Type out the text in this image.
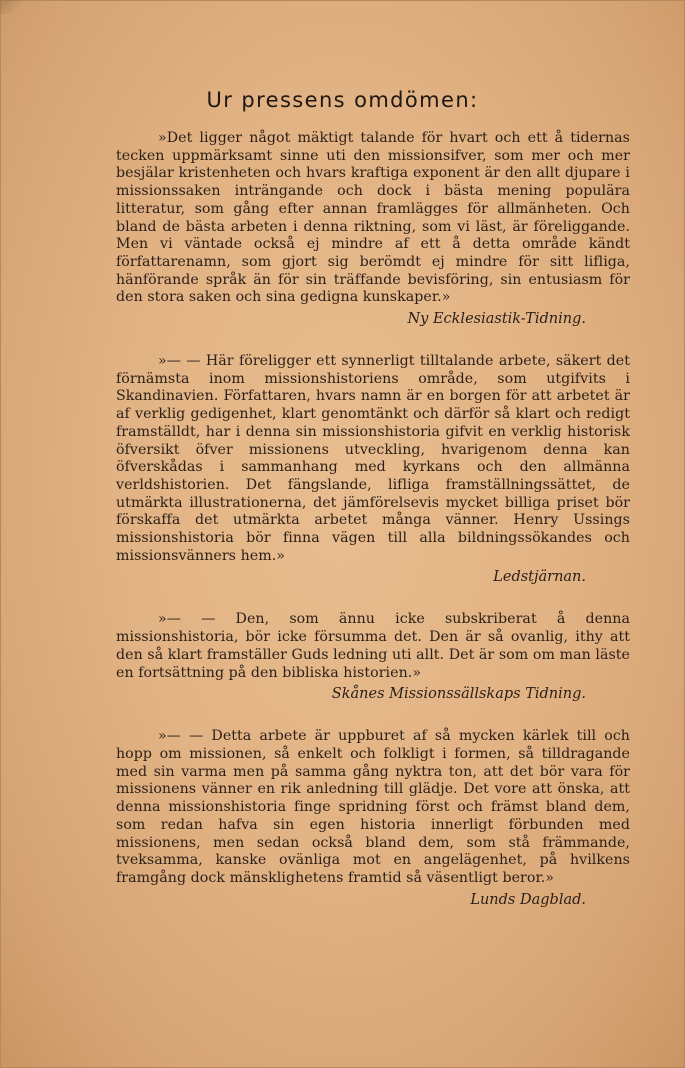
Ur pressens omdömen:

»Det ligger något mäktigt talande för hvart och ett å tidernas tecken uppmärksamt sinne uti den missionsifver, som mer och mer besjälar kristenheten och hvars kraftiga exponent är den allt djupare i missionssaken inträngande och dock i bästa mening populära litteratur, som gång efter annan framlägges för allmänheten. Och bland de bästa arbeten i denna riktning, som vi läst, är föreliggande. Men vi väntade också ej mindre af ett å detta område kändt författarenamn, som gjort sig berömdt ej mindre för sitt lifliga, hänförande språk än för sin träffande bevisföring, sin entusiasm för den stora saken och sina gedigna kunskaper.»

Ny Ecklesiastik-Tidning.

»— — Här föreligger ett synnerligt tilltalande arbete, säkert det förnämsta inom missionshistoriens område, som utgifvits i Skandinavien. Författaren, hvars namn är en borgen för att arbetet är af verklig gedigenhet, klart genomtänkt och därför så klart och redigt framställdt, har i denna sin missionshistoria gifvit en verklig historisk öfversikt öfver missionens utveckling, hvarigenom denna kan öfverskådas i sammanhang med kyrkans och den allmänna verldshistorien. Det fängslande, lifliga framställningssättet, de utmärkta illustrationerna, det jämförelsevis mycket billiga priset bör förskaffa det utmärkta arbetet många vänner. Henry Ussings missionshistoria bör finna vägen till alla bildningssökandes och missionsvänners hem.»

Ledstjärnan.

»— — Den, som ännu icke subskriberat å denna missionshistoria, bör icke försumma det. Den är så ovanlig, ithy att den så klart framställer Guds ledning uti allt. Det är som om man läste en fortsättning på den bibliska historien.»

Skånes Missionssällskaps Tidning.

»— — Detta arbete är uppburet af så mycken kärlek till och hopp om missionen, så enkelt och folkligt i formen, så tilldragande med sin varma men på samma gång nyktra ton, att det bör vara för missionens vänner en rik anledning till glädje. Det vore att önska, att denna missionshistoria finge spridning först och främst bland dem, som redan hafva sin egen historia innerligt förbunden med missionens, men sedan också bland dem, som stå främmande, tveksamma, kanske ovänliga mot en angelägenhet, på hvilkens framgång dock mänsklighetens framtid så väsentligt beror.»

Lunds Dagblad.
